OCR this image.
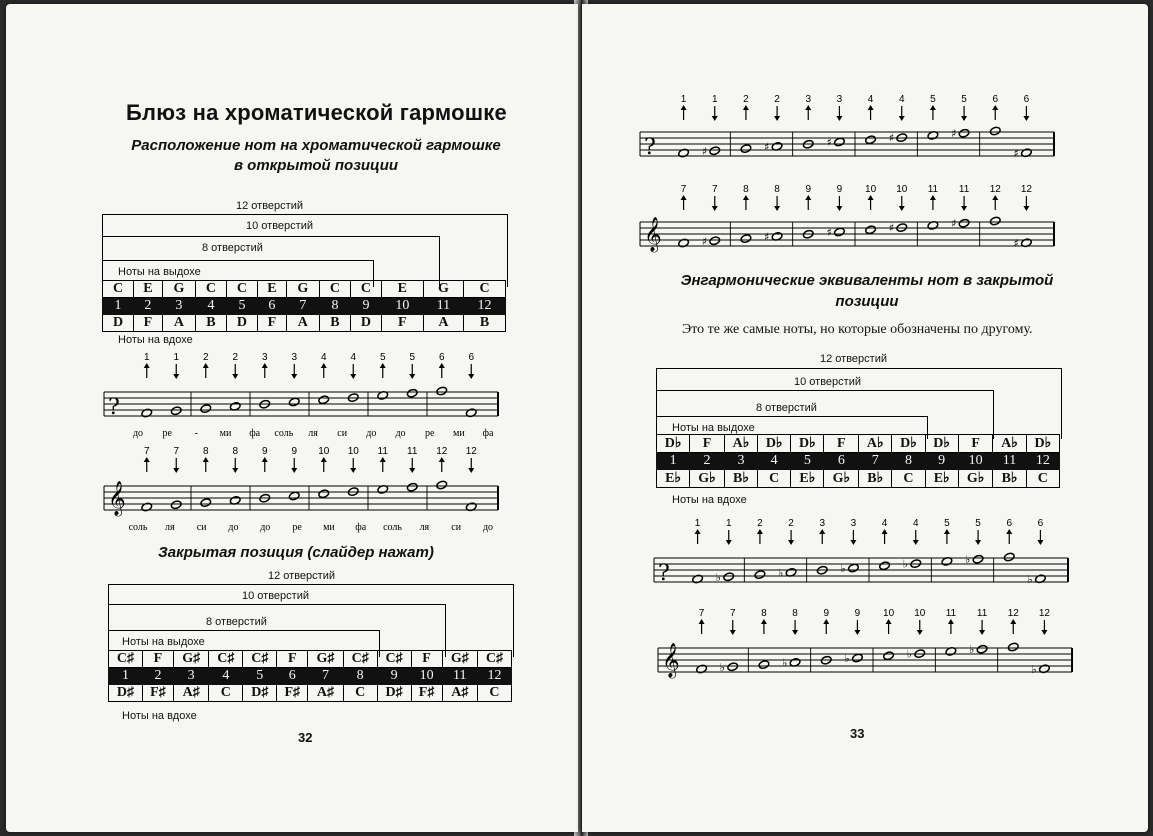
Блюз на хроматической гармошке
Расположение нот на хроматической гармошке
в открытой позиции
12 отверстий
10 отверстий
8 отверстий
Ноты на выдохе
C	E	G	C	C	E	G	C	C	E	G	C
1	2	3	4	5	6	7	8	9	10	11	12
D	F	A	B	D	F	A	B	D	F	A	B
Ноты на вдохе
1 1 2 2 3 3 4 4 5 5 6 6
?
до ре - ми фа соль ля си до до ре ми фа
7 7 8 8 9 9 10 10 11 11 12 12
𝄞
соль ля си до до ре ми фа соль ля си до
Закрытая позиция (слайдер нажат)
12 отверстий
10 отверстий
8 отверстий
Ноты на выдохе
C♯	F	G♯	C♯	C♯	F	G♯	C♯	C♯	F	G♯	C♯
1	2	3	4	5	6	7	8	9	10	11	12
D♯	F♯	A♯	C	D♯	F♯	A♯	C	D♯	F♯	A♯	C
Ноты на вдохе
32
1	1	2	2	3	3	4	4	5	5	6	6
?	♯	♯	♯	♯	♯
♯
7	7	8	8	9	9 10 10 11 11 12 12
𝄞	♯	♯	♯	♯	♯
♯
Энгармонические эквиваленты нот в закрытой
позиции
Это те же самые ноты, но которые обозначены по другому.
12 отверстий
10 отверстий
8 отверстий
Ноты на выдохе
D♭	F	A♭	D♭	D♭	F	A♭	D♭	D♭	F	A♭	D♭
1	2	3	4	5	6	7	8	9	10	11	12
E♭	G♭	B♭	C	E♭	G♭	B♭	C	E♭	G♭	B♭	C
Ноты на вдохе
1	1	2	2	3	3	4	4	5	5	6	6
?	♭	♭	♭	♭	♭
♭
7	7	8	8	9	9 10 10 11 11 12 12
𝄞	♭	♭	♭	♭	♭
♭
33
